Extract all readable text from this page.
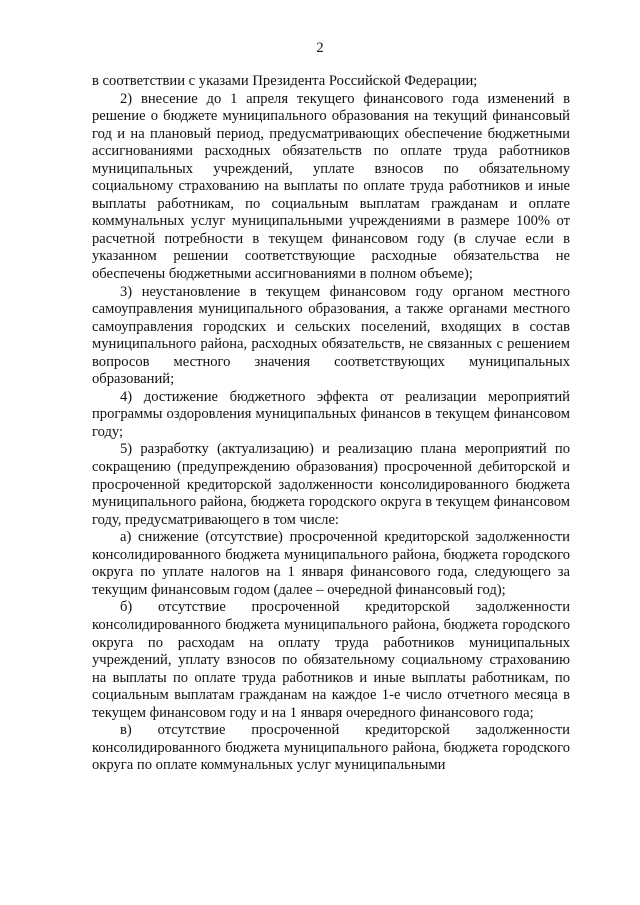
2

в соответствии с указами Президента Российской Федерации;

2) внесение до 1 апреля текущего финансового года изменений в решение о бюджете муниципального образования на текущий финансовый год и на плановый период, предусматривающих обеспечение бюджетными ассигнованиями расходных обязательств по оплате труда работников муниципальных учреждений, уплате взносов по обязательному социальному страхованию на выплаты по оплате труда работников и иные выплаты работникам, по социальным выплатам гражданам и оплате коммунальных услуг муниципальными учреждениями в размере 100% от расчетной потребности в текущем финансовом году (в случае если в указанном решении соответствующие расходные обязательства не обеспечены бюджетными ассигнованиями в полном объеме);

3) неустановление в текущем финансовом году органом местного самоуправления муниципального образования, а также органами местного самоуправления городских и сельских поселений, входящих в состав муниципального района, расходных обязательств, не связанных с решением вопросов местного значения соответствующих муниципальных образований;

4) достижение бюджетного эффекта от реализации мероприятий программы оздоровления муниципальных финансов в текущем финансовом году;

5) разработку (актуализацию) и реализацию плана мероприятий по сокращению (предупреждению образования) просроченной дебиторской и просроченной кредиторской задолженности консолидированного бюджета муниципального района, бюджета городского округа в текущем финансовом году, предусматривающего в том числе:

а) снижение (отсутствие) просроченной кредиторской задолженности консолидированного бюджета муниципального района, бюджета городского округа по уплате налогов на 1 января финансового года, следующего за текущим финансовым годом (далее – очередной финансовый год);

б) отсутствие просроченной кредиторской задолженности консолидированного бюджета муниципального района, бюджета городского округа по расходам на оплату труда работников муниципальных учреждений, уплату взносов по обязательному социальному страхованию на выплаты по оплате труда работников и иные выплаты работникам, по социальным выплатам гражданам на каждое 1-е число отчетного месяца в текущем финансовом году и на 1 января очередного финансового года;

в) отсутствие просроченной кредиторской задолженности консолидированного бюджета муниципального района, бюджета городского округа по оплате коммунальных услуг муниципальными
